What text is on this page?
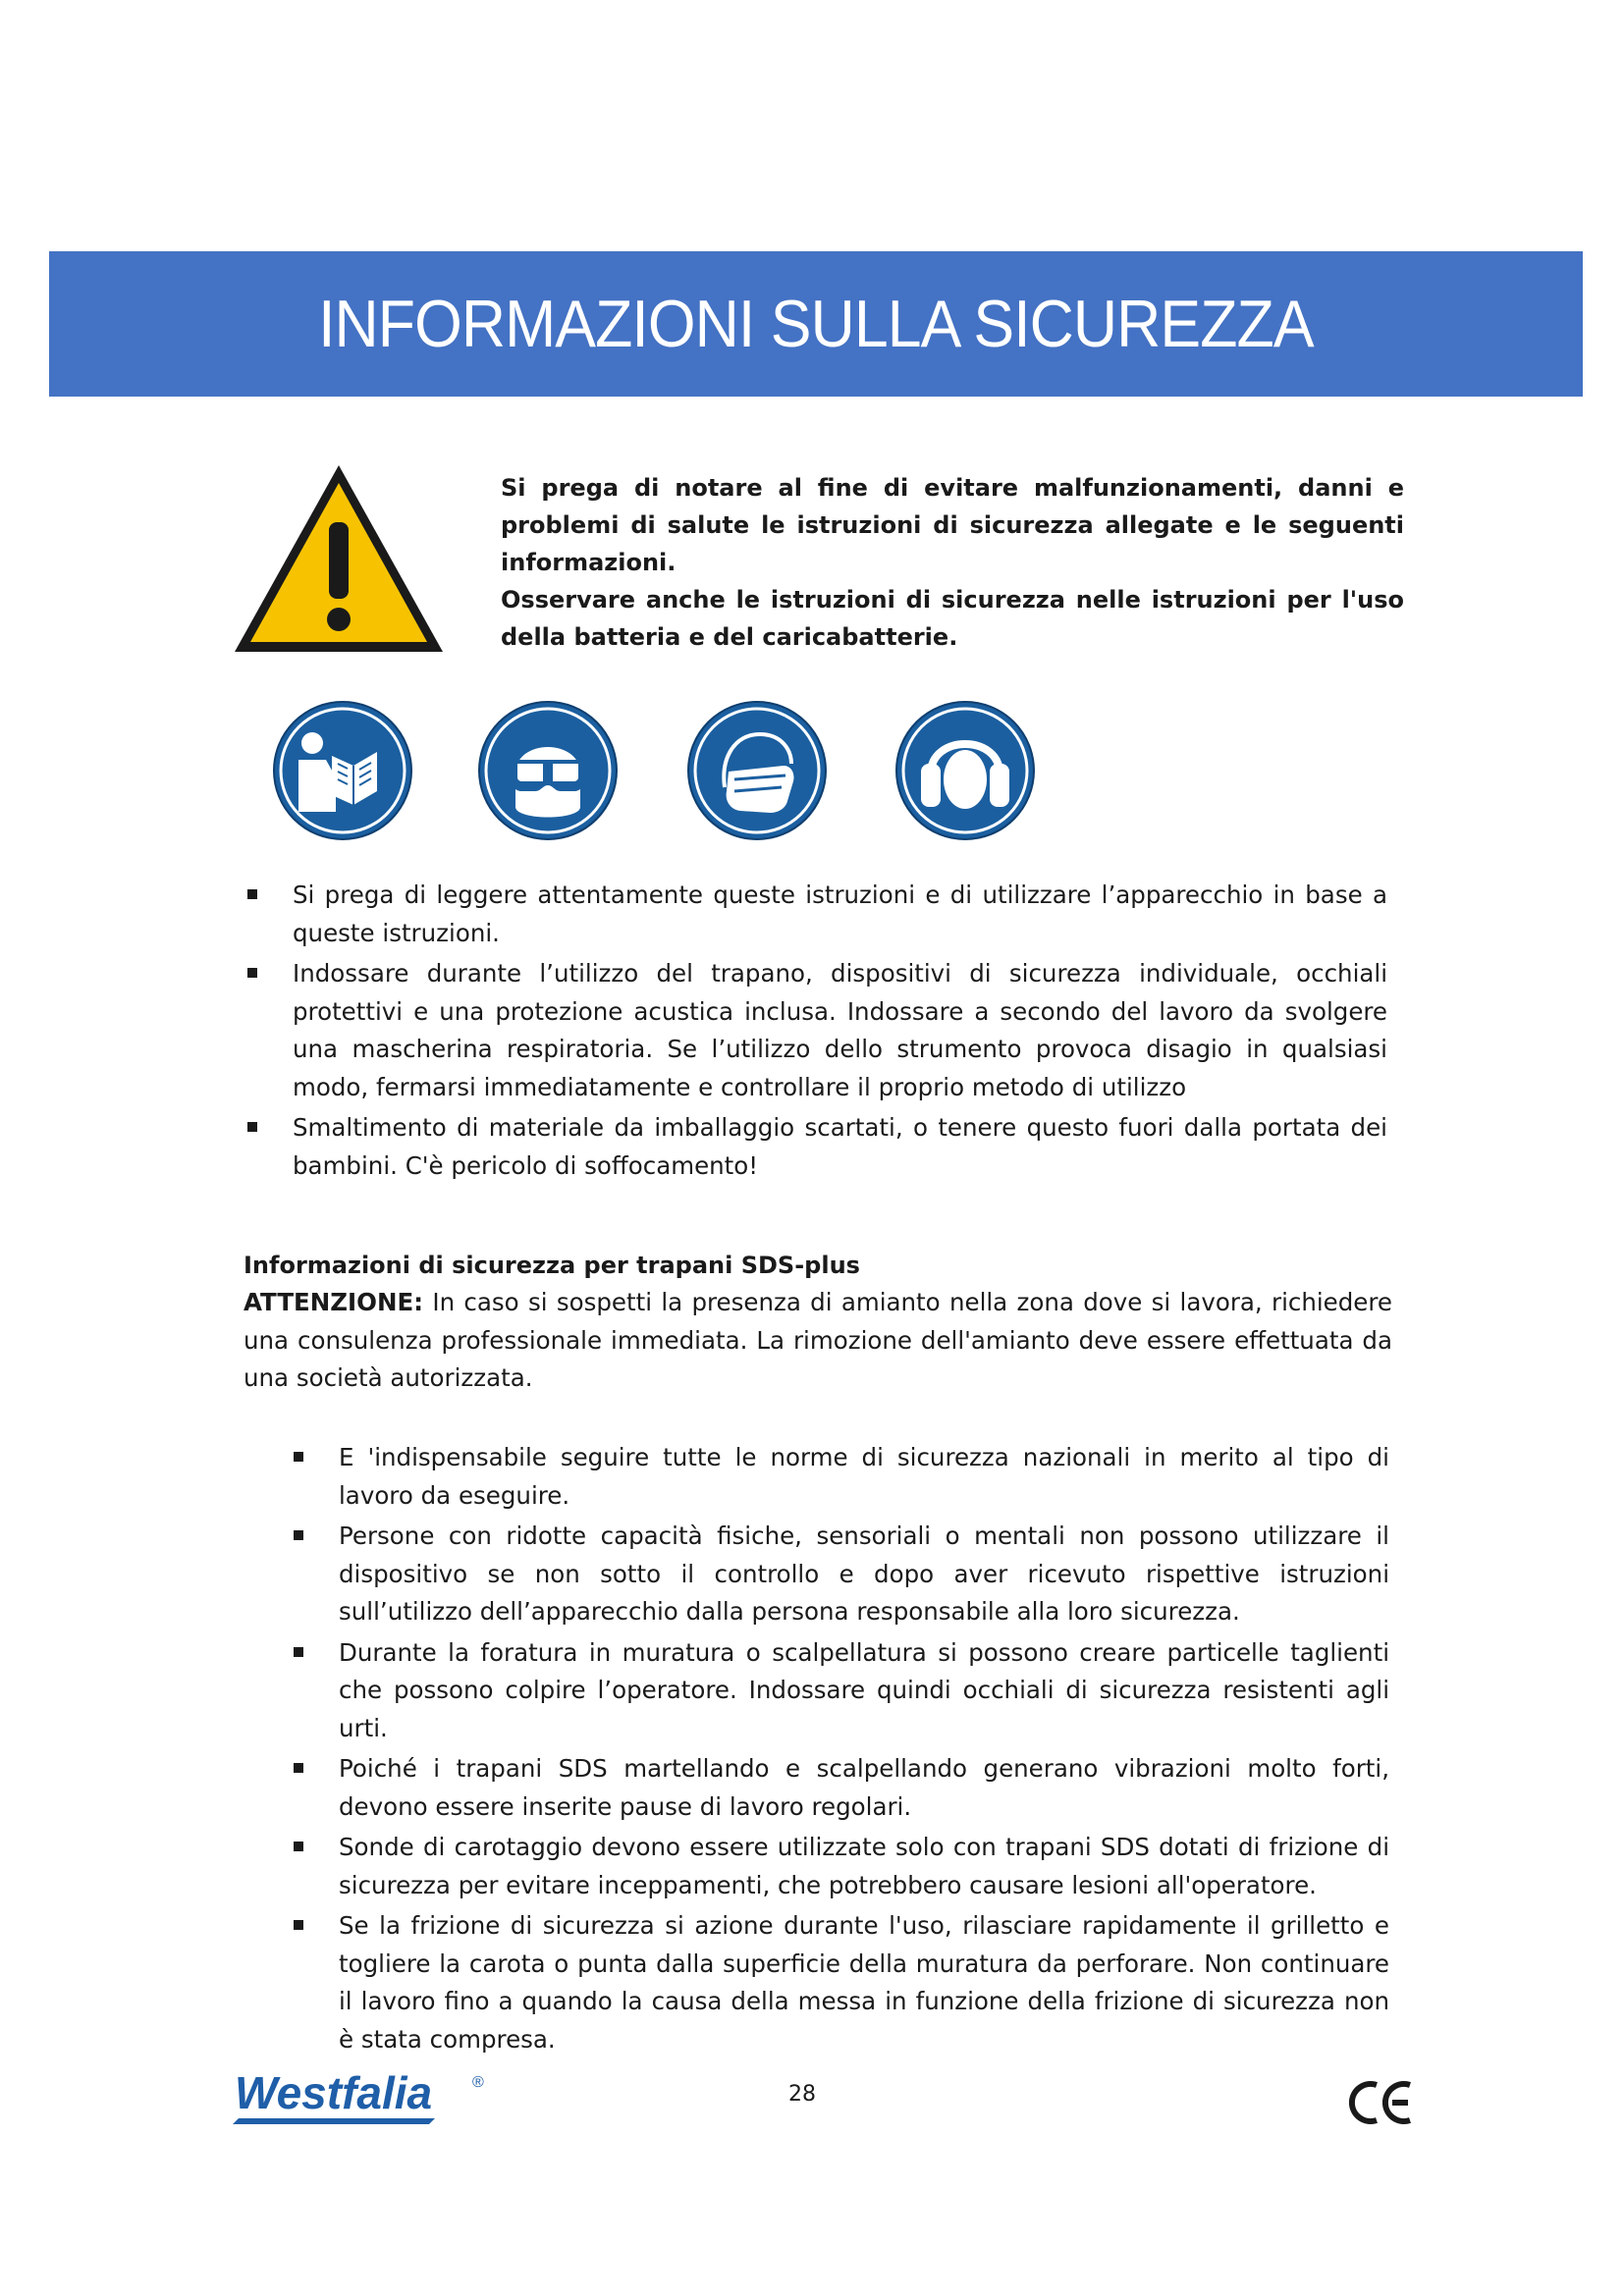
INFORMAZIONI SULLA SICUREZZA

Si prega di notare al fine di evitare malfunzionamenti, danni e problemi di salute le istruzioni di sicurezza allegate e le seguenti informazioni.

Osservare anche le istruzioni di sicurezza nelle istruzioni per l'uso della batteria e del caricabatterie.

Si prega di leggere attentamente queste istruzioni e di utilizzare l’apparecchio in base a queste istruzioni.
Indossare durante l’utilizzo del trapano, dispositivi di sicurezza individuale, occhiali protettivi e una protezione acustica inclusa. Indossare a secondo del lavoro da svolgere una mascherina respiratoria. Se l’utilizzo dello strumento provoca disagio in qualsiasi modo, fermarsi immediatamente e controllare il proprio metodo di utilizzo
Smaltimento di materiale da imballaggio scartati, o tenere questo fuori dalla portata dei bambini. C'è pericolo di soffocamento!
Informazioni di sicurezza per trapani SDS-plus

ATTENZIONE: In caso si sospetti la presenza di amianto nella zona dove si lavora, richiedere una consulenza professionale immediata. La rimozione dell'amianto deve essere effettuata da una società autorizzata.

E 'indispensabile seguire tutte le norme di sicurezza nazionali in merito al tipo di lavoro da eseguire.
Persone con ridotte capacità fisiche, sensoriali o mentali non possono utilizzare il dispositivo se non sotto il controllo e dopo aver ricevuto rispettive istruzioni sull’utilizzo dell’apparecchio dalla persona responsabile alla loro sicurezza.
Durante la foratura in muratura o scalpellatura si possono creare particelle taglienti che possono colpire l’operatore. Indossare quindi occhiali di sicurezza resistenti agli urti.
Poiché i trapani SDS martellando e scalpellando generano vibrazioni molto forti, devono essere inserite pause di lavoro regolari.
Sonde di carotaggio devono essere utilizzate solo con trapani SDS dotati di frizione di sicurezza per evitare inceppamenti, che potrebbero causare lesioni all'operatore.
Se la frizione di sicurezza si azione durante l'uso, rilasciare rapidamente il grilletto e togliere la carota o punta dalla superficie della muratura da perforare. Non continuare il lavoro fino a quando la causa della messa in funzione della frizione di sicurezza non è stata compresa.
Westfalia	®	28
